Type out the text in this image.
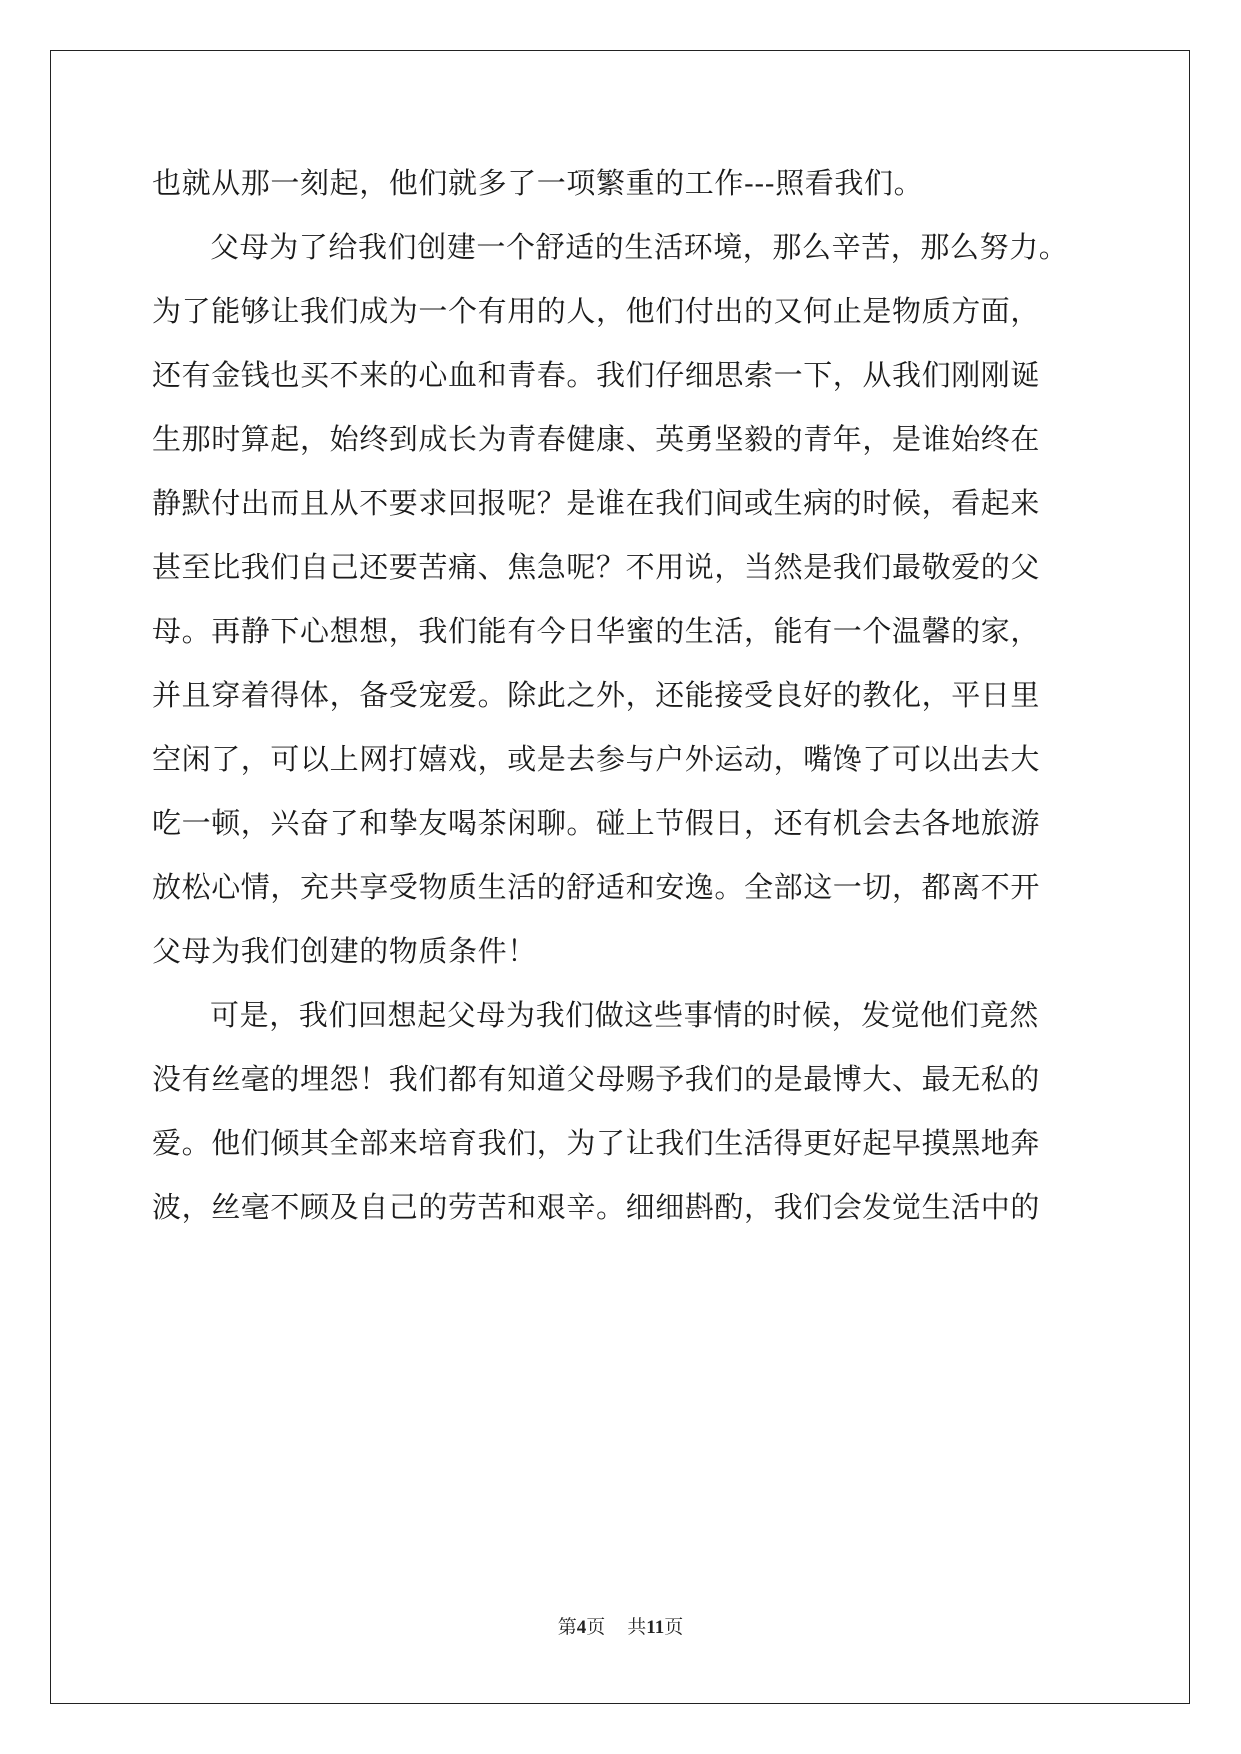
也就从那一刻起，他们就多了一项繁重的工作---照看我们。
父母为了给我们创建一个舒适的生活环境，那么辛苦，那么努力。
为了能够让我们成为一个有用的人，他们付出的又何止是物质方面，
还有金钱也买不来的心血和青春。我们仔细思索一下，从我们刚刚诞
生那时算起，始终到成长为青春健康、英勇坚毅的青年，是谁始终在
静默付出而且从不要求回报呢？是谁在我们间或生病的时候，看起来
甚至比我们自己还要苦痛、焦急呢？不用说，当然是我们最敬爱的父
母。再静下心想想，我们能有今日华蜜的生活，能有一个温馨的家，
并且穿着得体，备受宠爱。除此之外，还能接受良好的教化，平日里
空闲了，可以上网打嬉戏，或是去参与户外运动，嘴馋了可以出去大
吃一顿，兴奋了和挚友喝茶闲聊。碰上节假日，还有机会去各地旅游
放松心情，充共享受物质生活的舒适和安逸。全部这一切，都离不开
父母为我们创建的物质条件！
可是，我们回想起父母为我们做这些事情的时候，发觉他们竟然
没有丝毫的埋怨！我们都有知道父母赐予我们的是最博大、最无私的
爱。他们倾其全部来培育我们，为了让我们生活得更好起早摸黑地奔
波，丝毫不顾及自己的劳苦和艰辛。细细斟酌，我们会发觉生活中的
第4页 共11页
